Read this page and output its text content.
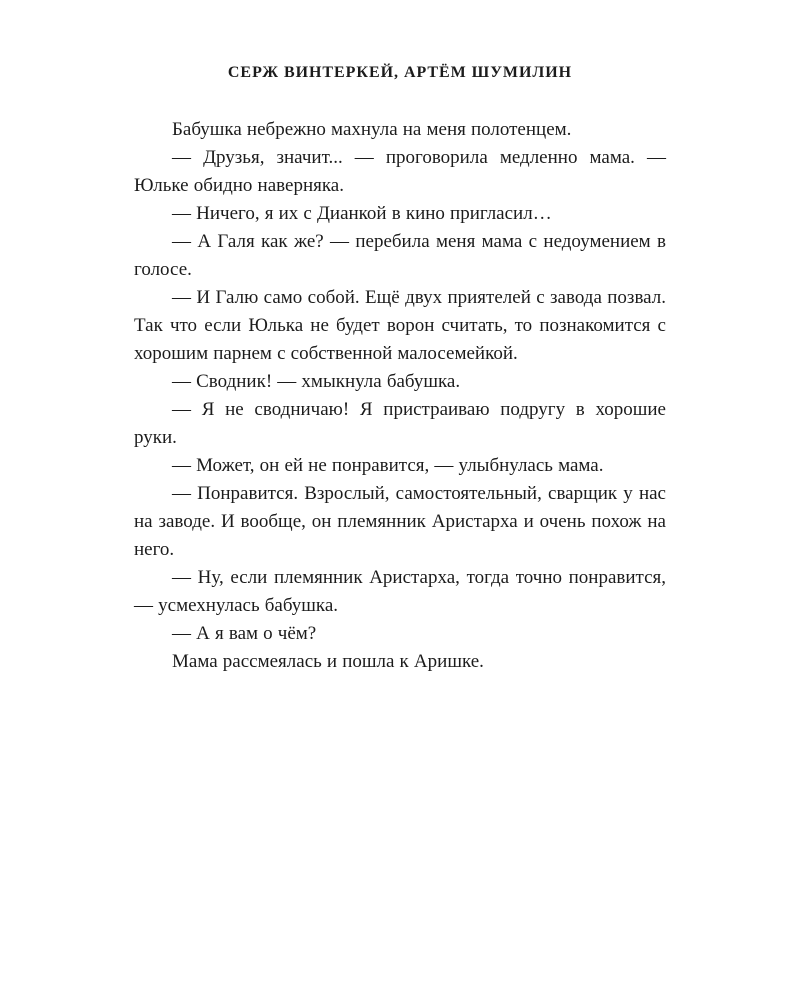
СЕРЖ ВИНТЕРКЕЙ, АРТЁМ ШУМИЛИН

Бабушка небрежно махнула на меня полотенцем.

— Друзья, значит... — проговорила медленно мама. — Юльке обидно наверняка.

— Ничего, я их с Дианкой в кино пригласил…

— А Галя как же? — перебила меня мама с недоумением в голосе.

— И Галю само собой. Ещё двух приятелей с завода позвал. Так что если Юлька не будет ворон считать, то познакомится с хорошим парнем с собственной малосемейкой.

— Сводник! — хмыкнула бабушка.

— Я не сводничаю! Я пристраиваю подругу в хорошие руки.

— Может, он ей не понравится, — улыбнулась мама.

— Понравится. Взрослый, самостоятельный, сварщик у нас на заводе. И вообще, он племянник Аристарха и очень похож на него.

— Ну, если племянник Аристарха, тогда точно понравится, — усмехнулась бабушка.

— А я вам о чём?

Мама рассмеялась и пошла к Аришке.
